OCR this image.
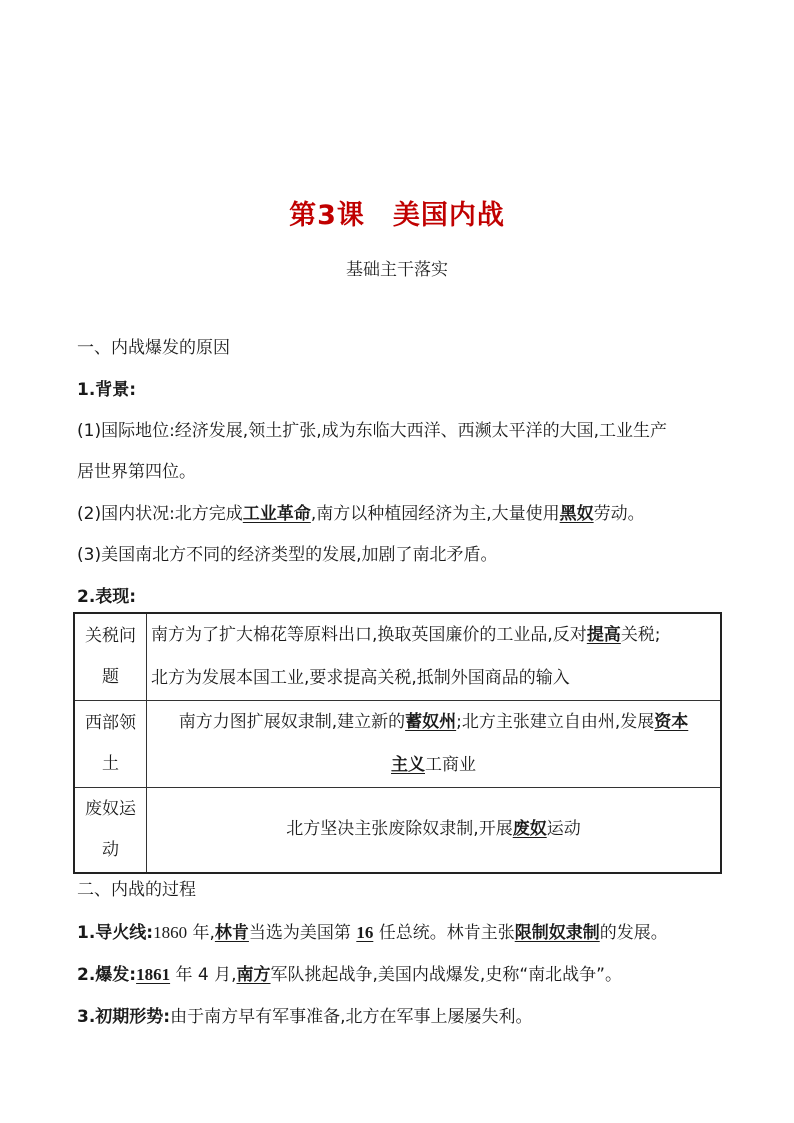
第3课　美国内战
基础主干落实
一、内战爆发的原因
1.背景:
(1)国际地位:经济发展,领土扩张,成为东临大西洋、西濒太平洋的大国,工业生产
居世界第四位。
(2)国内状况:北方完成工业革命,南方以种植园经济为主,大量使用黑奴劳动。
(3)美国南北方不同的经济类型的发展,加剧了南北矛盾。
2.表现:
关税问题	南方为了扩大棉花等原料出口,换取英国廉价的工业品,反对提高关税;
北方为发展本国工业,要求提高关税,抵制外国商品的输入

西部领土	南方力图扩展奴隶制,建立新的蓄奴州;北方主张建立自由州,发展资本
主义工商业

废奴运动	北方坚决主张废除奴隶制,开展废奴运动
二、内战的过程
1.导火线:1860 年,林肯当选为美国第 16 任总统。林肯主张限制奴隶制的发展。
2.爆发:1861 年 4 月,南方军队挑起战争,美国内战爆发,史称“南北战争”。
3.初期形势:由于南方早有军事准备,北方在军事上屡屡失利。
